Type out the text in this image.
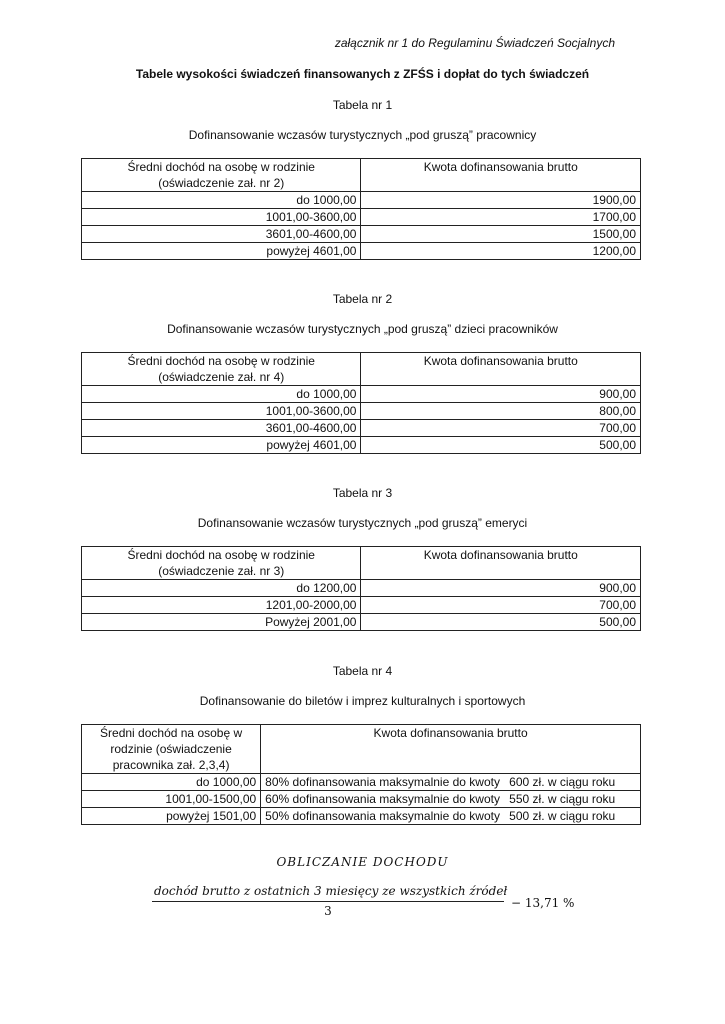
załącznik nr 1 do Regulaminu Świadczeń Socjalnych
Tabele wysokości świadczeń finansowanych z ZFŚS i dopłat do tych świadczeń
Tabela nr 1
Dofinansowanie wczasów turystycznych „pod gruszą” pracownicy
Średni dochód na osobę w rodzinie
(oświadczenie zał. nr 2)	Kwota dofinansowania brutto
do 1000,00	1900,00
1001,00-3600,00	1700,00
3601,00-4600,00	1500,00
powyżej 4601,00	1200,00
Tabela nr 2
Dofinansowanie wczasów turystycznych „pod gruszą” dzieci pracowników
Średni dochód na osobę w rodzinie
(oświadczenie zał. nr 4)	Kwota dofinansowania brutto
do 1000,00	900,00
1001,00-3600,00	800,00
3601,00-4600,00	700,00
powyżej 4601,00	500,00
Tabela nr 3
Dofinansowanie wczasów turystycznych „pod gruszą” emeryci
Średni dochód na osobę w rodzinie
(oświadczenie zał. nr 3)	Kwota dofinansowania brutto
do 1200,00	900,00
1201,00-2000,00	700,00
Powyżej 2001,00	500,00
Tabela nr 4
Dofinansowanie do biletów i imprez kulturalnych i sportowych
Średni dochód na osobę w
rodzinie (oświadczenie
pracownika zał. 2,3,4)	Kwota dofinansowania brutto
do 1000,00	80% dofinansowania maksymalnie do kwoty 600 zł. w ciągu roku
1001,00-1500,00	60% dofinansowania maksymalnie do kwoty 550 zł. w ciągu roku
powyżej 1501,00	50% dofinansowania maksymalnie do kwoty 500 zł. w ciągu roku
OBLICZANIE DOCHODU
dochód brutto z ostatnich 3 miesięcy ze wszystkich źródeł
3
− 13,71 %
